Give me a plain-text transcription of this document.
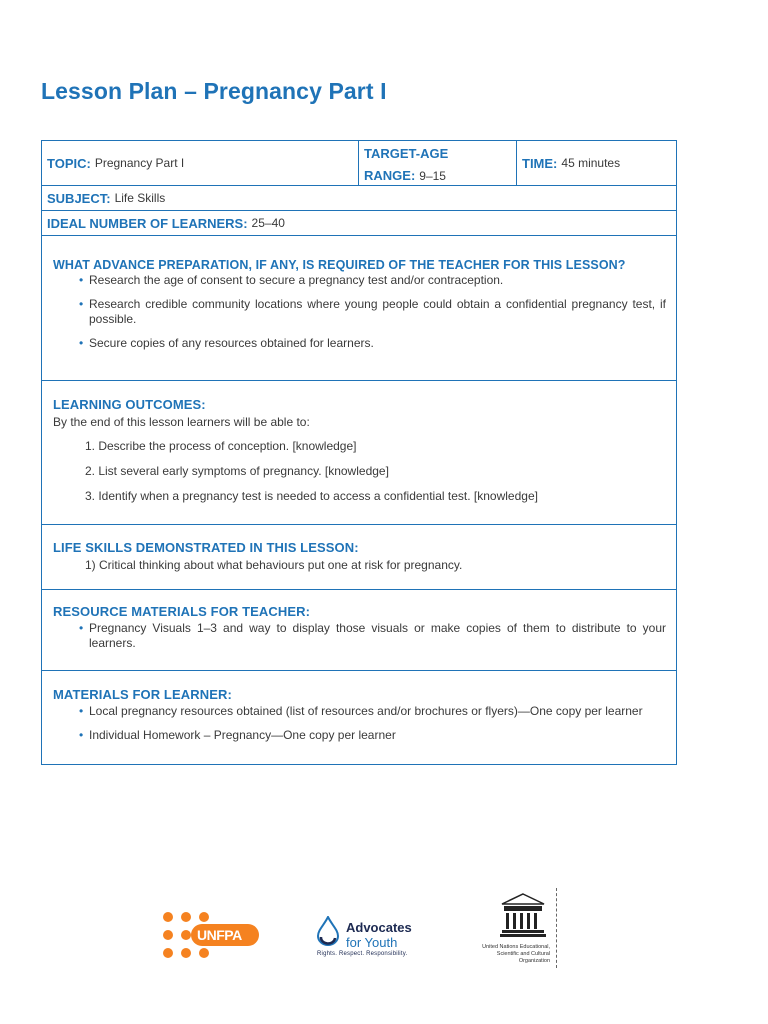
Lesson Plan – Pregnancy Part I
TOPIC: Pregnancy Part I
TARGET-AGE
RANGE: 9–15
TIME: 45 minutes
SUBJECT: Life Skills
IDEAL NUMBER OF LEARNERS: 25–40
WHAT ADVANCE PREPARATION, IF ANY, IS REQUIRED OF THE TEACHER FOR THIS LESSON?
• Research the age of consent to secure a pregnancy test and/or contraception.
• Research credible community locations where young people could obtain a confidential pregnancy test, if possible.
• Secure copies of any resources obtained for learners.
LEARNING OUTCOMES:

By the end of this lesson learners will be able to:

1. Describe the process of conception. [knowledge]
2. List several early symptoms of pregnancy. [knowledge]
3. Identify when a pregnancy test is needed to access a confidential test. [knowledge]
LIFE SKILLS DEMONSTRATED IN THIS LESSON:
1) Critical thinking about what behaviours put one at risk for pregnancy.
RESOURCE MATERIALS FOR TEACHER:
• Pregnancy Visuals 1–3 and way to display those visuals or make copies of them to distribute to your learners.
MATERIALS FOR LEARNER:
• Local pregnancy resources obtained (list of resources and/or brochures or flyers)—One copy per learner
• Individual Homework – Pregnancy—One copy per learner
UNFPA	Advocates
for Youth
Rights. Respect. Responsibility.
United Nations Educational, Scientific and Cultural Organization
